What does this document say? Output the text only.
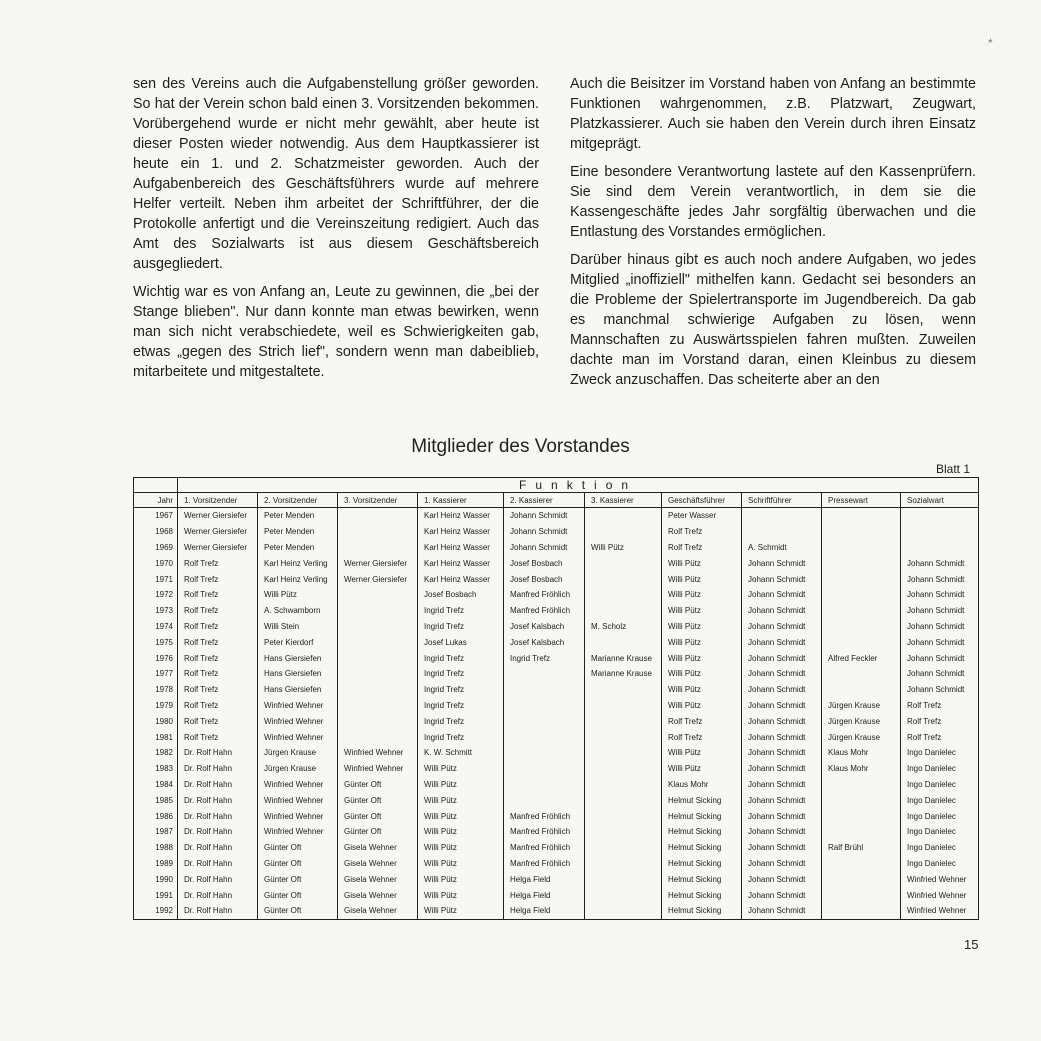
*

sen des Vereins auch die Aufgabenstellung größer geworden. So hat der Verein schon bald einen 3. Vorsitzenden bekommen. Vorübergehend wurde er nicht mehr gewählt, aber heute ist dieser Posten wieder notwendig. Aus dem Hauptkassierer ist heute ein 1. und 2. Schatzmeister geworden. Auch der Aufgabenbereich des Geschäftsführers wurde auf mehrere Helfer verteilt. Neben ihm arbeitet der Schriftführer, der die Protokolle anfertigt und die Vereinszeitung redigiert. Auch das Amt des Sozialwarts ist aus diesem Geschäftsbereich ausgegliedert.

Wichtig war es von Anfang an, Leute zu gewinnen, die „bei der Stange blieben". Nur dann konnte man etwas bewirken, wenn man sich nicht verabschiedete, weil es Schwierigkeiten gab, etwas „gegen des Strich lief", sondern wenn man dabeiblieb, mitarbeitete und mitgestaltete.

Auch die Beisitzer im Vorstand haben von Anfang an bestimmte Funktionen wahrgenommen, z.B. Platzwart, Zeugwart, Platzkassierer. Auch sie haben den Verein durch ihren Einsatz mitgeprägt.

Eine besondere Verantwortung lastete auf den Kassenprüfern. Sie sind dem Verein verantwortlich, in dem sie die Kassengeschäfte jedes Jahr sorgfältig überwachen und die Entlastung des Vorstandes ermöglichen.

Darüber hinaus gibt es auch noch andere Aufgaben, wo jedes Mitglied „inoffiziell" mithelfen kann. Gedacht sei besonders an die Probleme der Spielertransporte im Jugendbereich. Da gab es manchmal schwierige Aufgaben zu lösen, wenn Mannschaften zu Auswärtsspielen fahren mußten. Zuweilen dachte man im Vorstand daran, einen Kleinbus zu diesem Zweck anzuschaffen. Das scheiterte aber an den

Mitglieder des Vorstandes
Blatt 1
	Funktion									
Jahr	1. Vorsitzender	2. Vorsitzender	3. Vorsitzender	1. Kassierer	2. Kassierer	3. Kassierer	Geschäftsführer	Schriftführer	Pressewart	Sozialwart
1967	Werner Giersiefer	Peter Menden		Karl Heinz Wasser	Johann Schmidt		Peter Wasser			
1968	Werner Giersiefer	Peter Menden		Karl Heinz Wasser	Johann Schmidt		Rolf Trefz			
1969	Werner Giersiefer	Peter Menden		Karl Heinz Wasser	Johann Schmidt	Willi Pütz	Rolf Trefz	A. Schmidt		
1970	Rolf Trefz	Karl Heinz Verling	Werner Giersiefer	Karl Heinz Wasser	Josef Bosbach		Willi Pütz	Johann Schmidt		Johann Schmidt
1971	Rolf Trefz	Karl Heinz Verling	Werner Giersiefer	Karl Heinz Wasser	Josef Bosbach		Willi Pütz	Johann Schmidt		Johann Schmidt
1972	Rolf Trefz	Willi Pütz		Josef Bosbach	Manfred Fröhlich		Willi Pütz	Johann Schmidt		Johann Schmidt
1973	Rolf Trefz	A. Schwamborn		Ingrid Trefz	Manfred Fröhlich		Willi Pütz	Johann Schmidt		Johann Schmidt
1974	Rolf Trefz	Willi Stein		Ingrid Trefz	Josef Kalsbach	M. Scholz	Willi Pütz	Johann Schmidt		Johann Schmidt
1975	Rolf Trefz	Peter Kierdorf		Josef Lukas	Josef Kalsbach		Willi Pütz	Johann Schmidt		Johann Schmidt
1976	Rolf Trefz	Hans Giersiefen		Ingrid Trefz	Ingrid Trefz	Marianne Krause	Willi Pütz	Johann Schmidt	Alfred Feckler	Johann Schmidt
1977	Rolf Trefz	Hans Giersiefen		Ingrid Trefz		Marianne Krause	Willi Pütz	Johann Schmidt		Johann Schmidt
1978	Rolf Trefz	Hans Giersiefen		Ingrid Trefz			Willi Pütz	Johann Schmidt		Johann Schmidt
1979	Rolf Trefz	Winfried Wehner		Ingrid Trefz			Willi Pütz	Johann Schmidt	Jürgen Krause	Rolf Trefz
1980	Rolf Trefz	Winfried Wehner		Ingrid Trefz			Rolf Trefz	Johann Schmidt	Jürgen Krause	Rolf Trefz
1981	Rolf Trefz	Winfried Wehner		Ingrid Trefz			Rolf Trefz	Johann Schmidt	Jürgen Krause	Rolf Trefz
1982	Dr. Rolf Hahn	Jürgen Krause	Winfried Wehner	K. W. Schmitt			Willi Pütz	Johann Schmidt	Klaus Mohr	Ingo Danielec
1983	Dr. Rolf Hahn	Jürgen Krause	Winfried Wehner	Willi Pütz			Willi Pütz	Johann Schmidt	Klaus Mohr	Ingo Danielec
1984	Dr. Rolf Hahn	Winfried Wehner	Günter Oft	Willi Pütz			Klaus Mohr	Johann Schmidt		Ingo Danielec
1985	Dr. Rolf Hahn	Winfried Wehner	Günter Oft	Willi Pütz			Helmut Sicking	Johann Schmidt		Ingo Danielec
1986	Dr. Rolf Hahn	Winfried Wehner	Günter Oft	Willi Pütz	Manfred Fröhlich		Helmut Sicking	Johann Schmidt		Ingo Danielec
1987	Dr. Rolf Hahn	Winfried Wehner	Günter Oft	Willi Pütz	Manfred Fröhlich		Helmut Sicking	Johann Schmidt		Ingo Danielec
1988	Dr. Rolf Hahn	Günter Oft	Gisela Wehner	Willi Pütz	Manfred Fröhlich		Helmut Sicking	Johann Schmidt	Ralf Brühl	Ingo Danielec
1989	Dr. Rolf Hahn	Günter Oft	Gisela Wehner	Willi Pütz	Manfred Fröhlich		Helmut Sicking	Johann Schmidt		Ingo Danielec
1990	Dr. Rolf Hahn	Günter Oft	Gisela Wehner	Willi Pütz	Helga Field		Helmut Sicking	Johann Schmidt		Winfried Wehner
1991	Dr. Rolf Hahn	Günter Oft	Gisela Wehner	Willi Pütz	Helga Field		Helmut Sicking	Johann Schmidt		Winfried Wehner
1992	Dr. Rolf Hahn	Günter Oft	Gisela Wehner	Willi Pütz	Helga Field		Helmut Sicking	Johann Schmidt		Winfried Wehner
15
